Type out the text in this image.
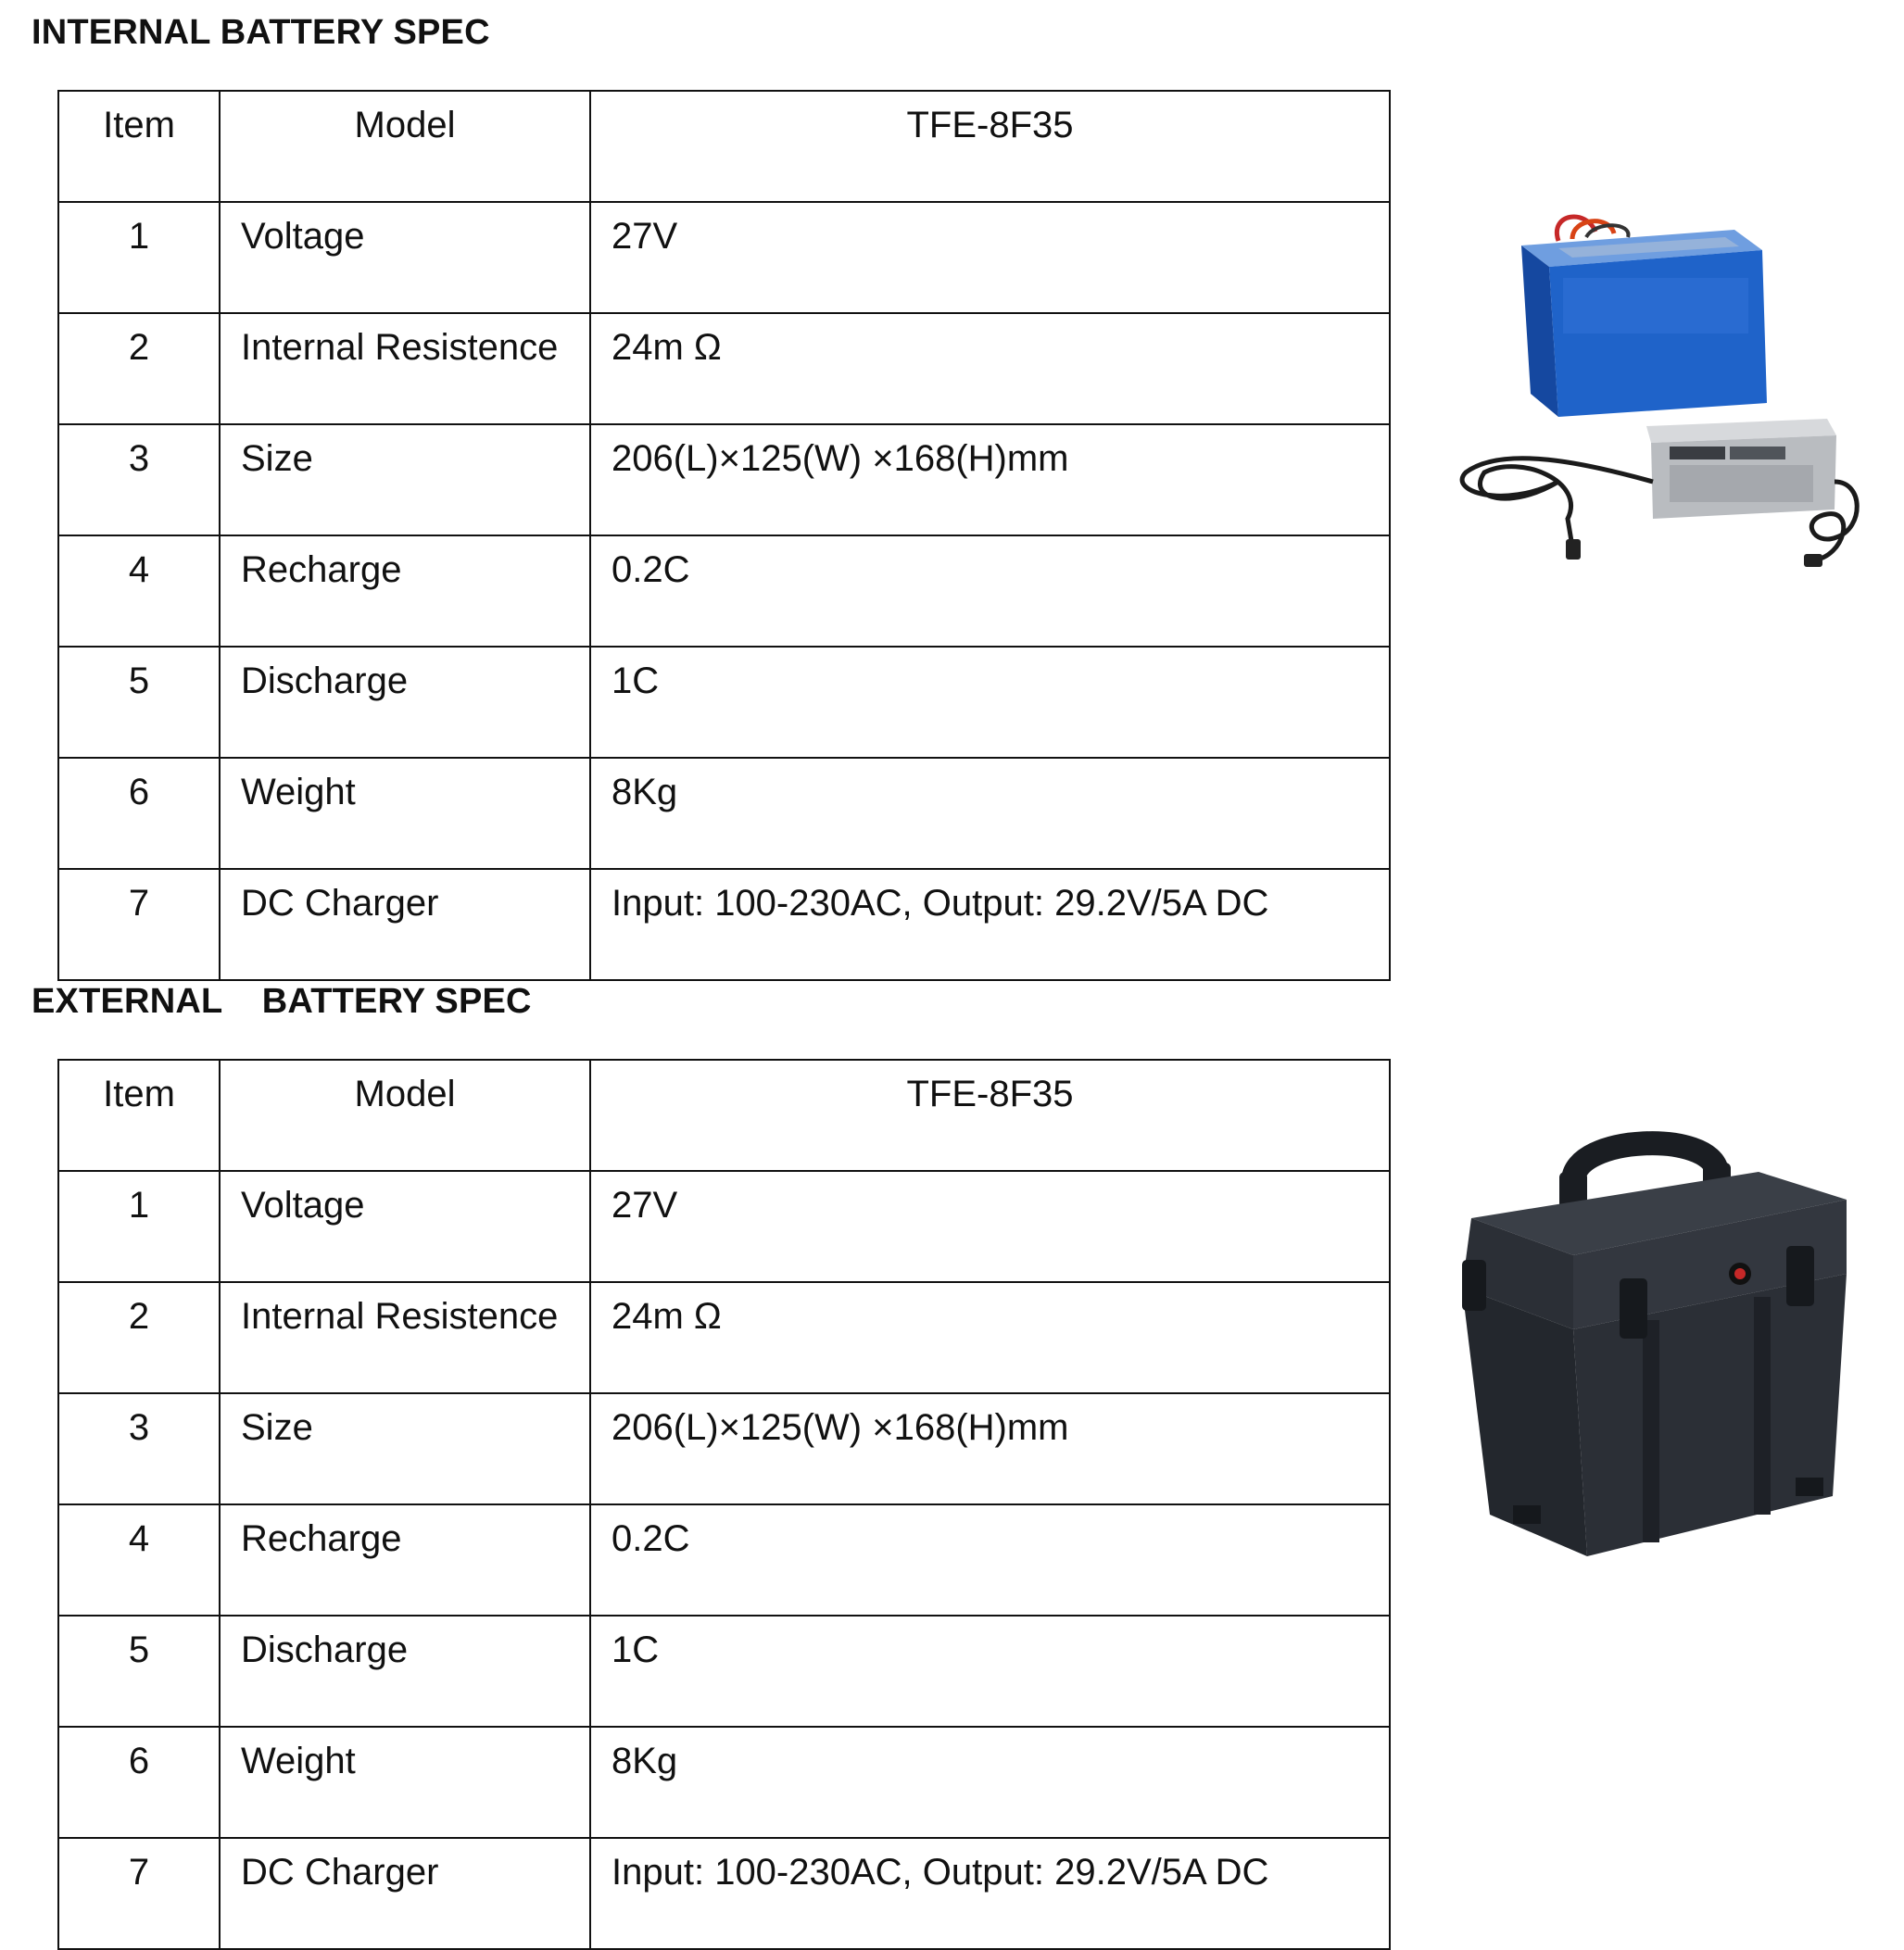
INTERNAL BATTERY SPEC
Item	Model	TFE-8F35
1	Voltage	27V
2	Internal Resistence	24m Ω
3	Size	206(L)×125(W) ×168(H)mm
4	Recharge	0.2C
5	Discharge	1C
6	Weight	8Kg
7	DC Charger	Input: 100-230AC, Output: 29.2V/5A DC
EXTERNAL    BATTERY SPEC
Item	Model	TFE-8F35
1	Voltage	27V
2	Internal Resistence	24m Ω
3	Size	206(L)×125(W) ×168(H)mm
4	Recharge	0.2C
5	Discharge	1C
6	Weight	8Kg
7	DC Charger	Input: 100-230AC, Output: 29.2V/5A DC
